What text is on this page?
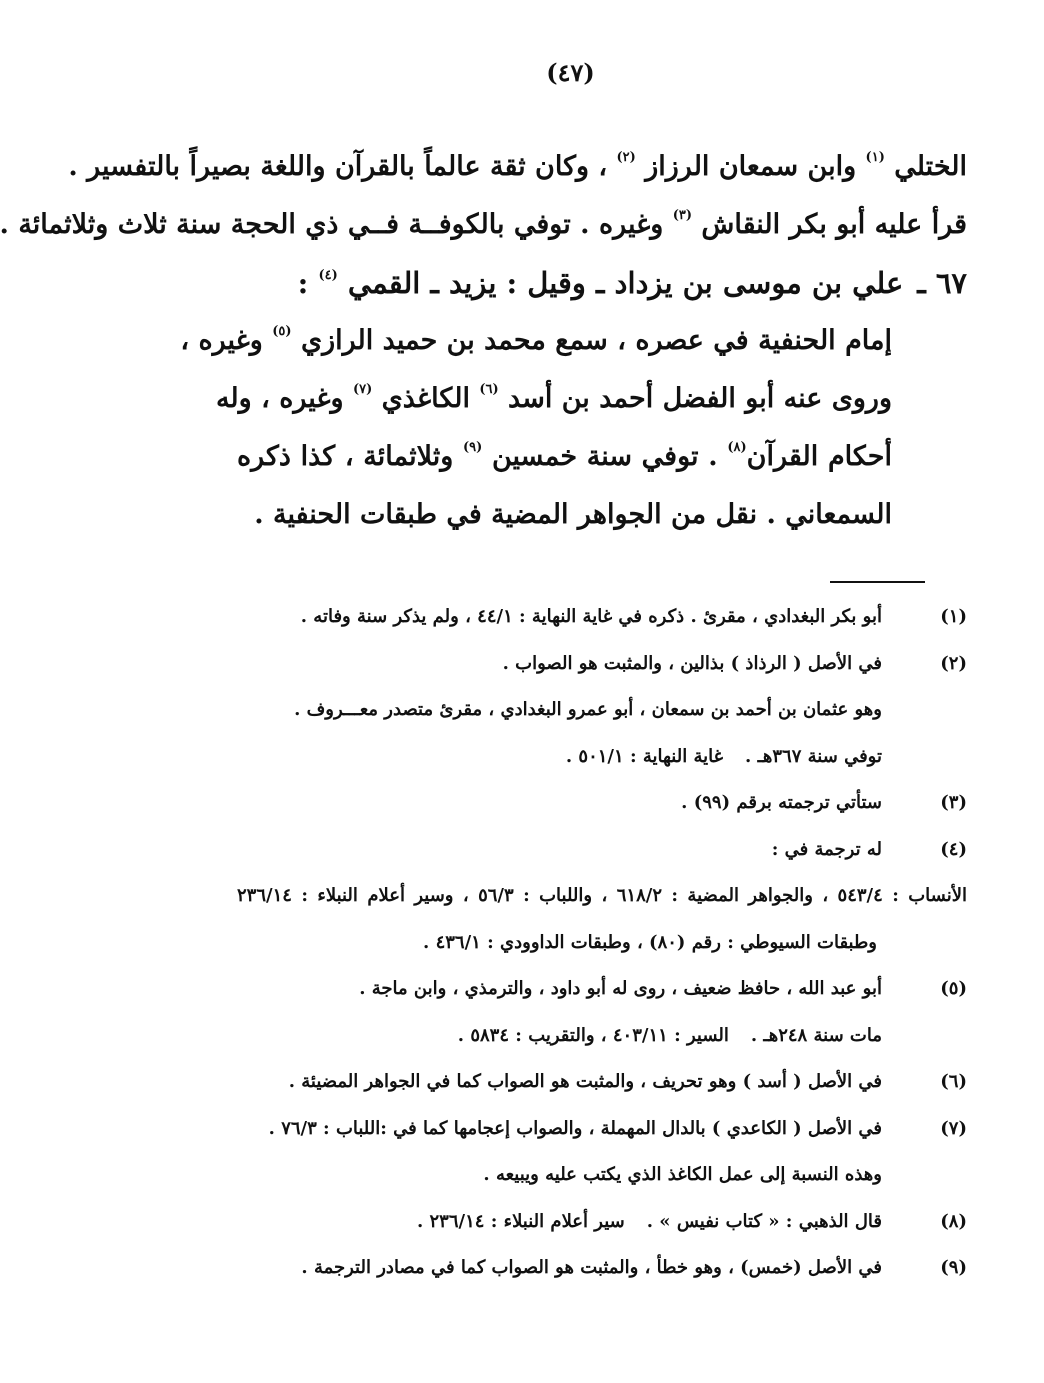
(٤٧)
الختلي $^{(١)}$ وابن سمعان الرزاز $^{(٢)}$ ، وكان ثقة عالماً بالقرآن واللغة بصيراً بالتفسير .
قرأ عليه أبو بكر النقاش $^{(٣)}$ وغيره . توفي بالكوفــة فــي ذي الحجة سنة ثلاث وثلاثمائة .
٦٧ ـعلي بن موسى بن يزداد ـ وقيل : يزيد ـ القمي $^{(٤)}$ :
إمام الحنفية في عصره ، سمع محمد بن حميد الرازي $^{(٥)}$ وغيره ،
وروى عنه أبو الفضل أحمد بن أسد $^{(٦)}$ الكاغذي $^{(٧)}$ وغيره ، وله
أحكام القرآن$^{(٨)}$ . توفي سنة خمسين $^{(٩)}$ وثلاثمائة ، كذا ذكره
السمعاني . نقل من الجواهر المضية في طبقات الحنفية .
(١)
أبو بكر البغدادي ، مقرئ . ذكره في غاية النهاية : ٤٤/١ ، ولم يذكر سنة وفاته .
(٢)
في الأصل ( الرذاذ ) بذالين ، والمثبت هو الصواب .
وهو عثمان بن أحمد بن سمعان ، أبو عمرو البغدادي ، مقرئ متصدر معـــروف .
توفي سنة ٣٦٧هـ .غاية النهاية : ٥٠١/١ .
(٣)
ستأتي ترجمته برقم (٩٩) .
(٤)
له ترجمة في :
الأنساب : ٥٤٣/٤ ، والجواهر المضية : ٦١٨/٢ ، واللباب : ٥٦/٣ ، وسير أعلام النبلاء : ٢٣٦/١٤
وطبقات السيوطي : رقم (٨٠) ، وطبقات الداوودي : ٤٣٦/١ .
(٥)
أبو عبد الله ، حافظ ضعيف ، روى له أبو داود ، والترمذي ، وابن ماجة .
مات سنة ٢٤٨هـ .السير : ٤٠٣/١١ ، والتقريب : ٥٨٣٤ .
(٦)
في الأصل ( أسد ) وهو تحريف ، والمثبت هو الصواب كما في الجواهر المضيئة .
(٧)
في الأصل ( الكاعدي ) بالدال المهملة ، والصواب إعجامها كما في :اللباب : ٧٦/٣ .
وهذه النسبة إلى عمل الكاغذ الذي يكتب عليه ويبيعه .
(٨)
قال الذهبي : « كتاب نفيس » .سير أعلام النبلاء : ٢٣٦/١٤ .
(٩)
في الأصل (خمس) ، وهو خطأ ، والمثبت هو الصواب كما في مصادر الترجمة .
